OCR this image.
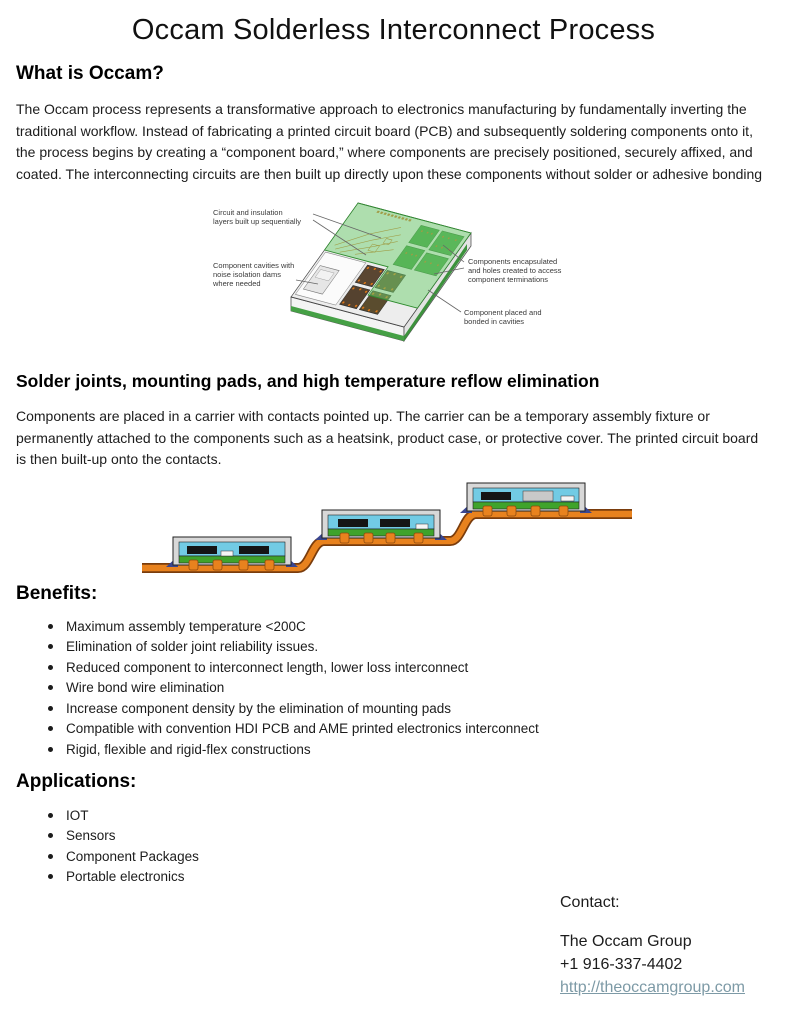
Occam Solderless Interconnect Process
What is Occam?

The Occam process represents a transformative approach to electronics manufacturing by fundamentally inverting the traditional workflow. Instead of fabricating a printed circuit board (PCB) and subsequently soldering components onto it, the process begins by creating a “component board,” where components are precisely positioned, securely affixed, and coated. The interconnecting circuits are then built up directly upon these components without solder or adhesive bonding

Circuit and insulation layers built up sequentially
Component cavities with noise isolation dams where needed
Components encapsulated and holes created to access component terminations
Component placed and bonded in cavities
Solder joints, mounting pads, and high temperature reflow elimination

Components are placed in a carrier with contacts pointed up. The carrier can be a temporary assembly fixture or permanently attached to the components such as a heatsink, product case, or protective cover. The printed circuit board is then built-up onto the contacts.

Benefits:
Maximum assembly temperature <200C
Elimination of solder joint reliability issues.
Reduced component to interconnect length, lower loss interconnect
Wire bond wire elimination
Increase component density by the elimination of mounting pads
Compatible with convention HDI PCB and AME printed electronics interconnect
Rigid, flexible and rigid-flex constructions
Applications:
IOT
Sensors
Component Packages
Portable electronics
Contact:
The Occam Group
+1 916-337-4402
http://theoccamgroup.com
